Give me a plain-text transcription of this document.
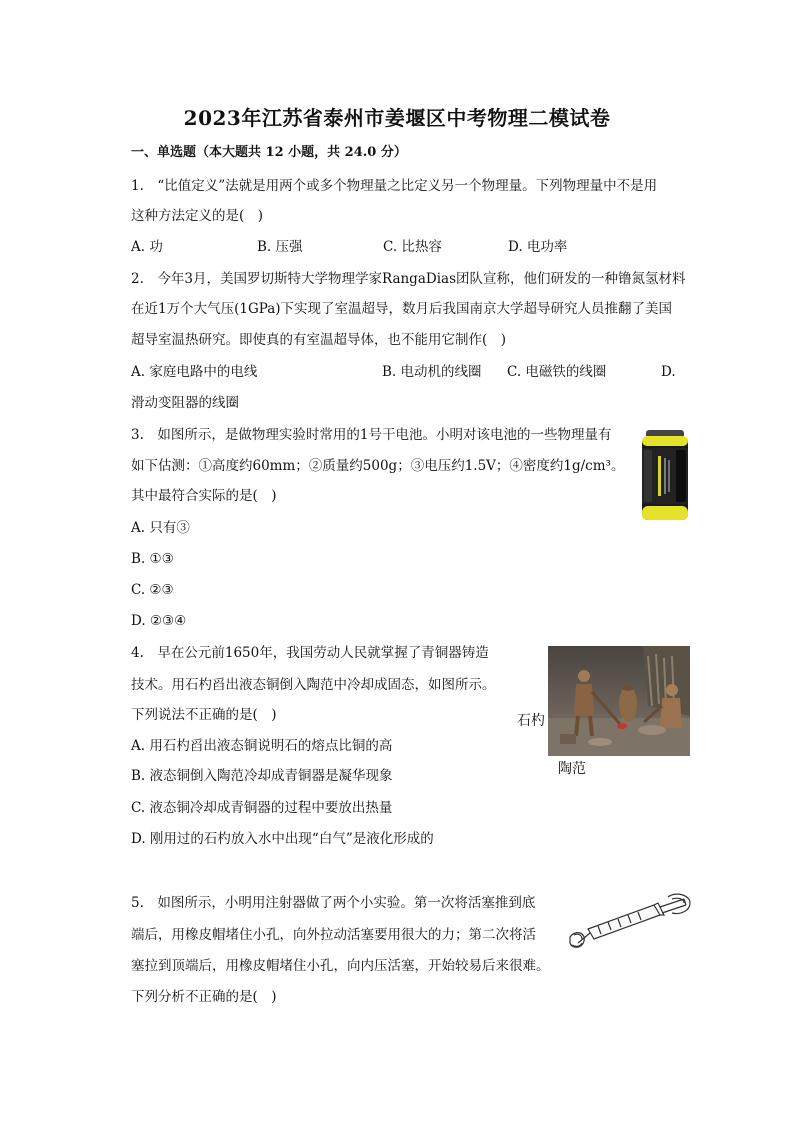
2023年江苏省泰州市姜堰区中考物理二模试卷
一、单选题（本大题共 12 小题，共 24.0 分）
1.　“比值定义”法就是用两个或多个物理量之比定义另一个物理量。下列物理量中不是用
这种方法定义的是(　)
A. 功	B. 压强	C. 比热容	D. 电功率
2.　今年3月，美国罗切斯特大学物理学家RangaDias团队宣称，他们研发的一种镥氮氢材料
在近1万个大气压(1GPa)下实现了室温超导，数月后我国南京大学超导研究人员推翻了美国
超导室温热研究。即使真的有室温超导体，也不能用它制作(　)
A. 家庭电路中的电线	B. 电动机的线圈 C. 电磁铁的线圈	D.
滑动变阻器的线圈
3.　如图所示，是做物理实验时常用的1号干电池。小明对该电池的一些物理量有
如下估测：①高度约60mm；②质量约500g；③电压约1.5V；④密度约1g/cm³。
其中最符合实际的是(　)
A. 只有③
B. ①③
C. ②③
D. ②③④
4.　早在公元前1650年，我国劳动人民就掌握了青铜器铸造
技术。用石杓舀出液态铜倒入陶范中冷却成固态，如图所示。
下列说法不正确的是(　)
A. 用石杓舀出液态铜说明石的熔点比铜的高
B. 液态铜倒入陶范冷却成青铜器是凝华现象
C. 液态铜冷却成青铜器的过程中要放出热量
D. 刚用过的石杓放入水中出现“白气”是液化形成的
石杓
陶范
5.　如图所示，小明用注射器做了两个小实验。第一次将活塞推到底
端后，用橡皮帽堵住小孔，向外拉动活塞要用很大的力；第二次将活
塞拉到顶端后，用橡皮帽堵住小孔，向内压活塞，开始较易后来很难。
下列分析不正确的是(　)
